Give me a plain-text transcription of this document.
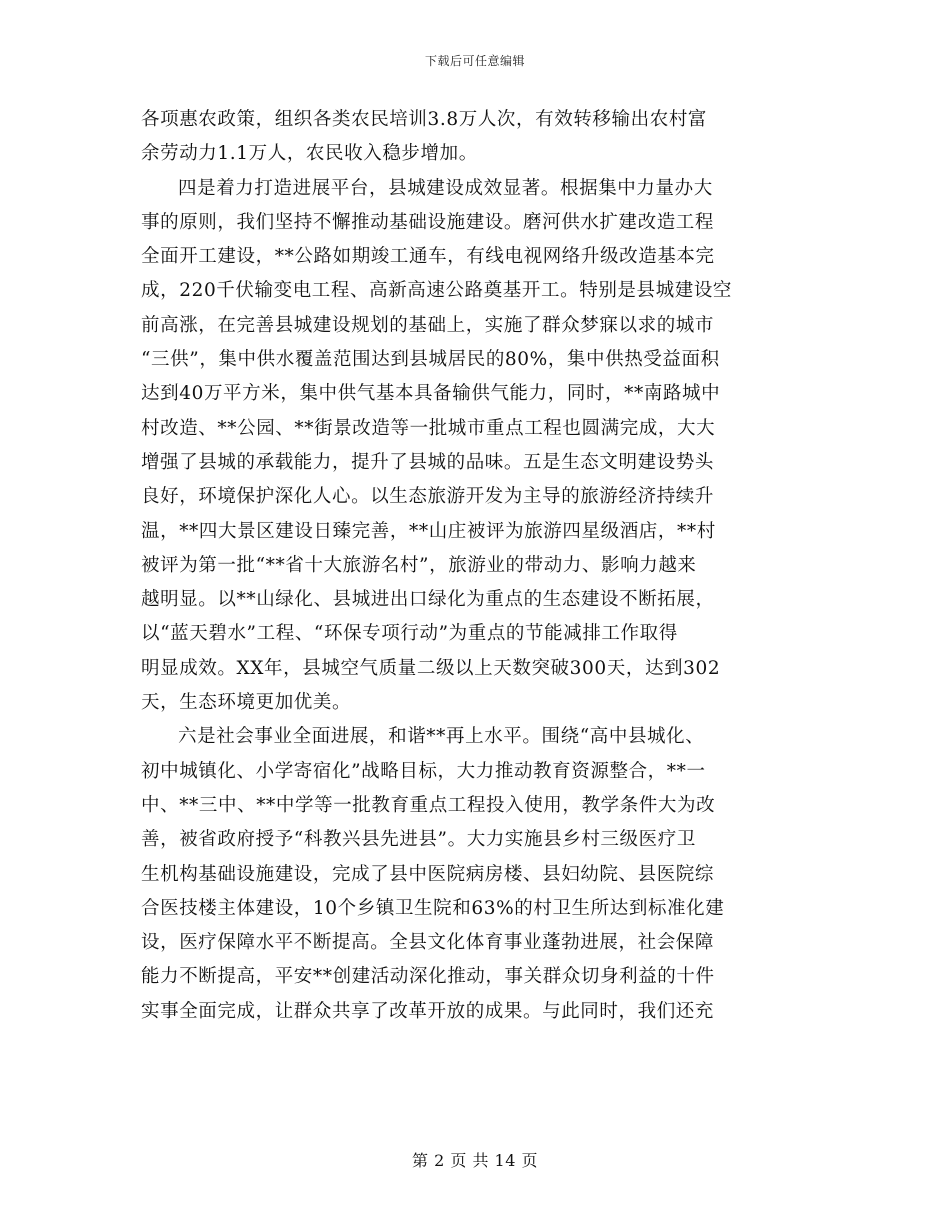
下载后可任意编辑
各项惠农政策，组织各类农民培训3.8万人次，有效转移输出农村富
余劳动力1.1万人，农民收入稳步增加。
四是着力打造进展平台，县城建设成效显著。根据集中力量办大
事的原则，我们坚持不懈推动基础设施建设。磨河供水扩建改造工程
全面开工建设，**公路如期竣工通车，有线电视网络升级改造基本完
成，220千伏输变电工程、高新高速公路奠基开工。特别是县城建设空
前高涨，在完善县城建设规划的基础上，实施了群众梦寐以求的城市
“三供”，集中供水覆盖范围达到县城居民的80%，集中供热受益面积
达到40万平方米，集中供气基本具备输供气能力，同时，**南路城中
村改造、**公园、**街景改造等一批城市重点工程也圆满完成，大大
增强了县城的承载能力，提升了县城的品味。五是生态文明建设势头
良好，环境保护深化人心。以生态旅游开发为主导的旅游经济持续升
温，**四大景区建设日臻完善，**山庄被评为旅游四星级酒店，**村
被评为第一批“**省十大旅游名村”，旅游业的带动力、影响力越来
越明显。以**山绿化、县城进出口绿化为重点的生态建设不断拓展，
以“蓝天碧水”工程、“环保专项行动”为重点的节能减排工作取得
明显成效。XX年，县城空气质量二级以上天数突破300天，达到302
天，生态环境更加优美。
六是社会事业全面进展，和谐**再上水平。围绕“高中县城化、
初中城镇化、小学寄宿化”战略目标，大力推动教育资源整合，**一
中、**三中、**中学等一批教育重点工程投入使用，教学条件大为改
善，被省政府授予“科教兴县先进县”。大力实施县乡村三级医疗卫
生机构基础设施建设，完成了县中医院病房楼、县妇幼院、县医院综
合医技楼主体建设，10个乡镇卫生院和63%的村卫生所达到标准化建
设，医疗保障水平不断提高。全县文化体育事业蓬勃进展，社会保障
能力不断提高，平安**创建活动深化推动，事关群众切身利益的十件
实事全面完成，让群众共享了改革开放的成果。与此同时，我们还充
第 2 页 共 14 页
